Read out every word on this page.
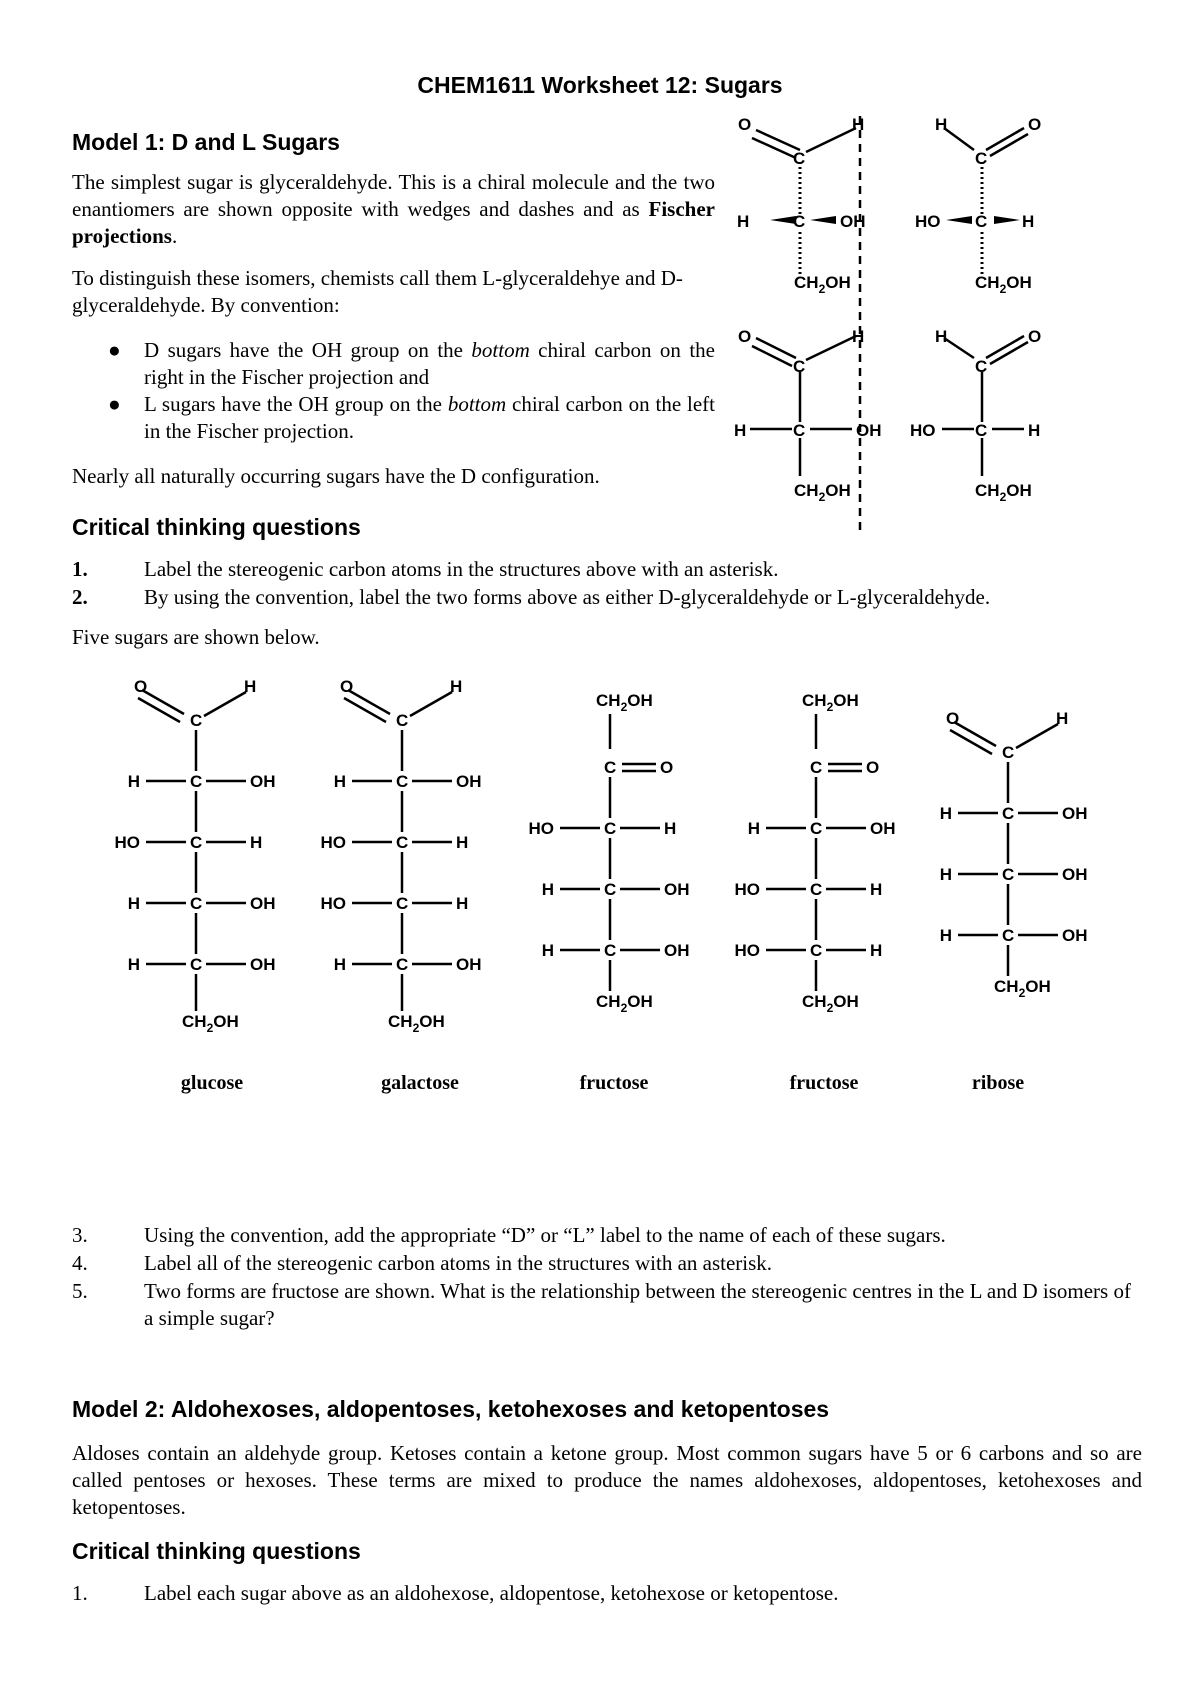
CHEM1611 Worksheet 12: Sugars
Model 1: D and L Sugars

The simplest sugar is glyceraldehyde. This is a chiral molecule and the two enantiomers are shown opposite with wedges and dashes and as Fischer projections.

To distinguish these isomers, chemists call them L-glyceraldehye and D-glyceraldehyde. By convention:

● D sugars have the OH group on the bottom chiral carbon on the right in the Fischer projection and
● L sugars have the OH group on the bottom chiral carbon on the left in the Fischer projection.
Nearly all naturally occurring sugars have the D configuration.
O	H
C
H	C OH
$CH_2OH$
H	O
C
HO C H
$CH_2OH$
O	H
C
H	C	OH
$CH_2OH$
H	O
C
HO C H
$CH_2OH$
Critical thinking questions
1.	Label the stereogenic carbon atoms in the structures above with an asterisk.
2.	By using the convention, label the two forms above as either D-glyceraldehyde or L-glyceraldehyde.
Five sugars are shown below.
O	H
C
H	C	OH
HO	C	H
H	C	OH
H	C	OH
$CH_2OH$
O	H
C
H	C	OH
HO	C	H
HO	C	H
H	C	OH
$CH_2OH$
$CH_2OH$
C	O
HO	C	H
H	C	OH
H	C	OH
$CH_2OH$
$CH_2OH$
C	O
H	C	OH
HO	C	H
HO	C	H
$CH_2OH$
O	H
C
H	C	OH
H	C	OH
H	C	OH
$CH_2OH$
glucose	galactose	fructose	fructose	ribose
3.	Using the convention, add the appropriate “D” or “L” label to the name of each of these sugars.
4.	Label all of the stereogenic carbon atoms in the structures with an asterisk.
5.	Two forms are fructose are shown. What is the relationship between the stereogenic centres in the L and D isomers of a simple sugar?
Model 2: Aldohexoses, aldopentoses, ketohexoses and ketopentoses
Aldoses contain an aldehyde group. Ketoses contain a ketone group. Most common sugars have 5 or 6 carbons and so are called pentoses or hexoses. These terms are mixed to produce the names aldohexoses, aldopentoses, ketohexoses and ketopentoses.
Critical thinking questions
1.	Label each sugar above as an aldohexose, aldopentose, ketohexose or ketopentose.
